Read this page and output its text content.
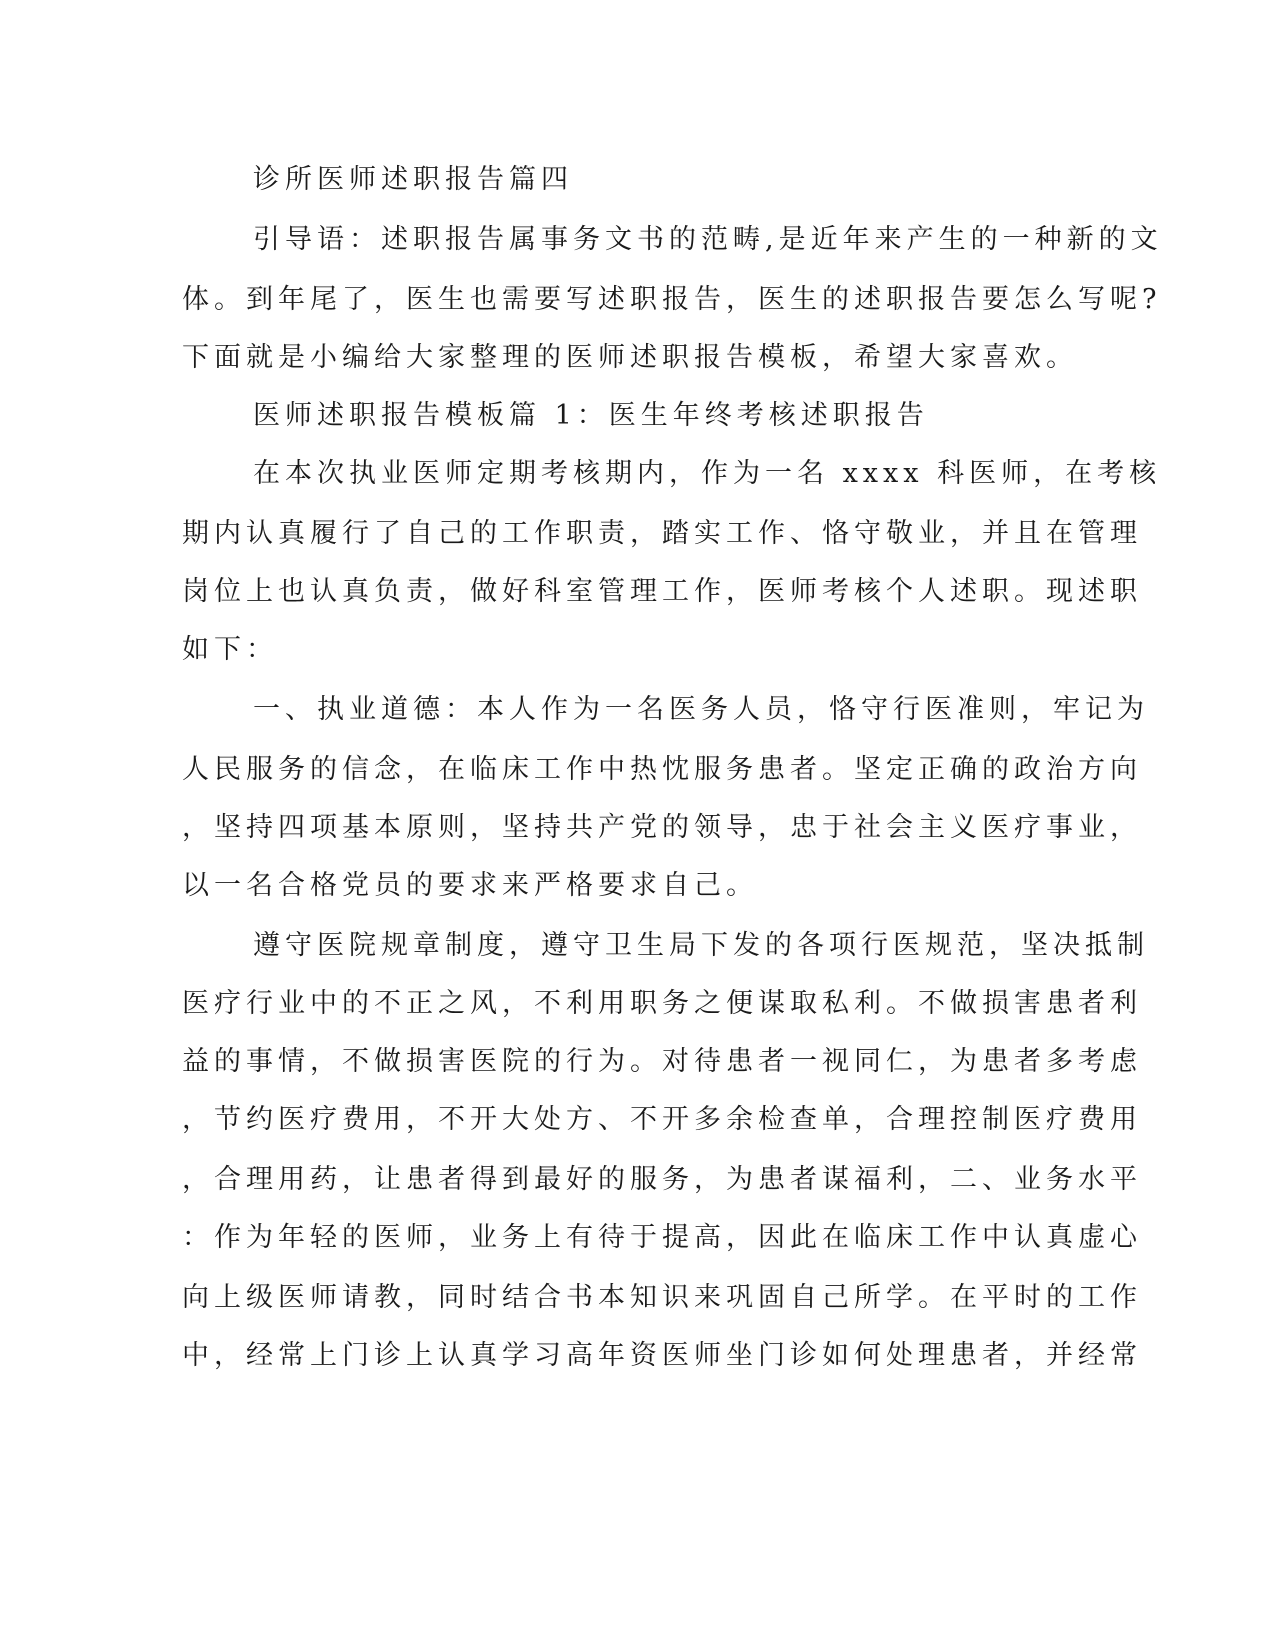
诊所医师述职报告篇四
引导语：述职报告属事务文书的范畴,是近年来产生的一种新的文
体。到年尾了，医生也需要写述职报告，医生的述职报告要怎么写呢?
下面就是小编给大家整理的医师述职报告模板，希望大家喜欢。
医师述职报告模板篇 1：医生年终考核述职报告
在本次执业医师定期考核期内，作为一名 xxxx 科医师，在考核
期内认真履行了自己的工作职责，踏实工作、恪守敬业，并且在管理
岗位上也认真负责，做好科室管理工作，医师考核个人述职。现述职
如下：
一、执业道德：本人作为一名医务人员，恪守行医准则，牢记为
人民服务的信念，在临床工作中热忱服务患者。坚定正确的政治方向
，坚持四项基本原则，坚持共产党的领导，忠于社会主义医疗事业，
以一名合格党员的要求来严格要求自己。
遵守医院规章制度，遵守卫生局下发的各项行医规范，坚决抵制
医疗行业中的不正之风，不利用职务之便谋取私利。不做损害患者利
益的事情，不做损害医院的行为。对待患者一视同仁，为患者多考虑
，节约医疗费用，不开大处方、不开多余检查单，合理控制医疗费用
，合理用药，让患者得到最好的服务，为患者谋福利，二、业务水平
：作为年轻的医师，业务上有待于提高，因此在临床工作中认真虚心
向上级医师请教，同时结合书本知识来巩固自己所学。在平时的工作
中，经常上门诊上认真学习高年资医师坐门诊如何处理患者，并经常
